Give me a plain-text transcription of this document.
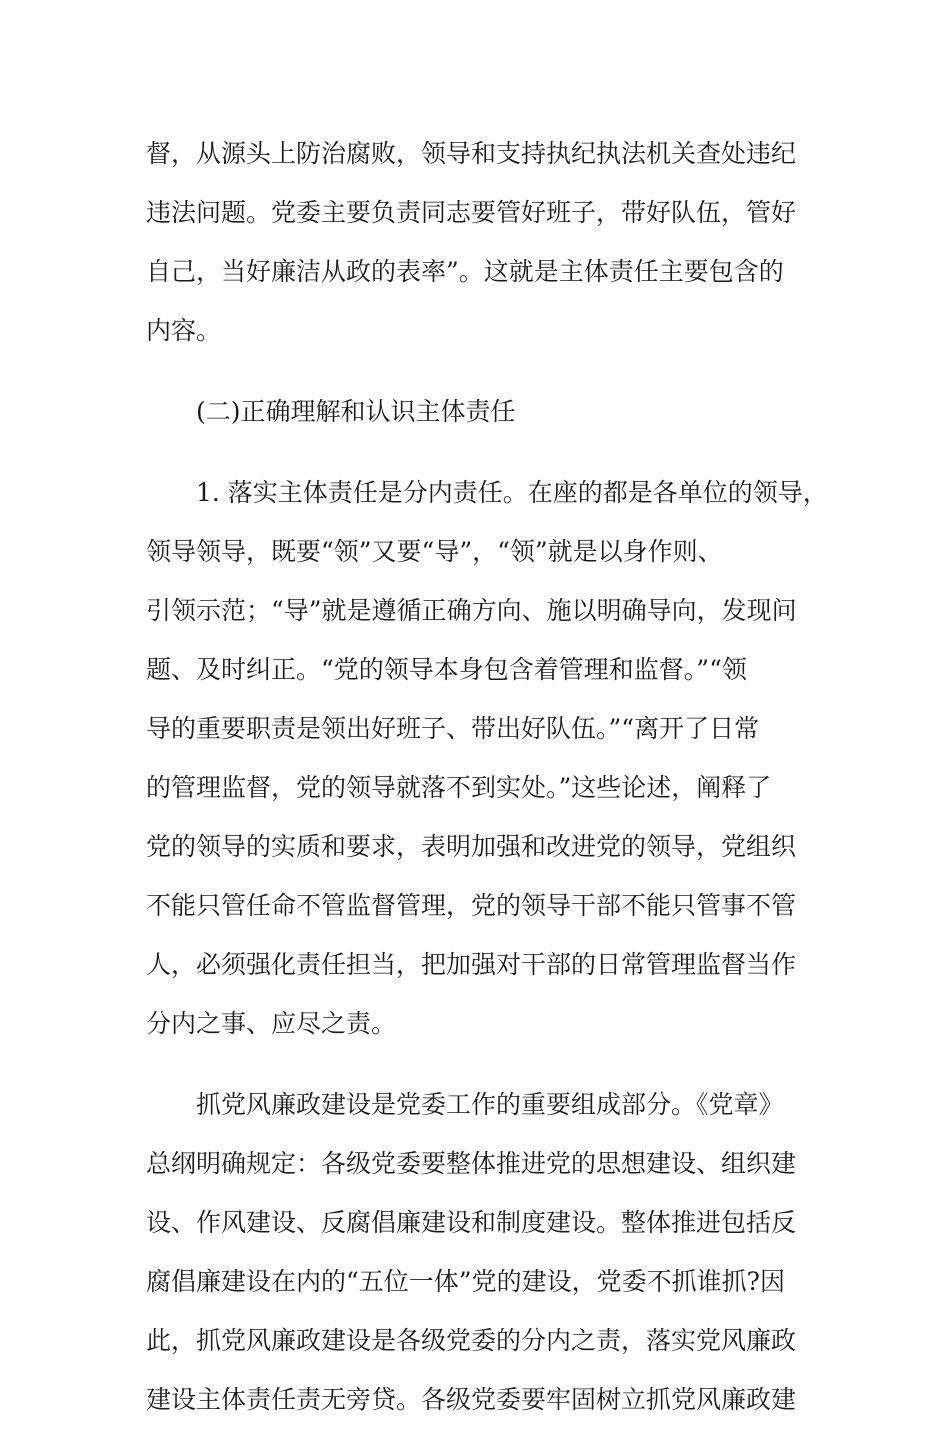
督，从源头上防治腐败，领导和支持执纪执法机关查处违纪
违法问题。党委主要负责同志要管好班子，带好队伍，管好
自己，当好廉洁从政的表率”。这就是主体责任主要包含的
内容。
(二)正确理解和认识主体责任
1. 落实主体责任是分内责任。在座的都是各单位的领导，
领导领导，既要“领”又要“导”，“领”就是以身作则、
引领示范；“导”就是遵循正确方向、施以明确导向，发现问
题、及时纠正。“党的领导本身包含着管理和监督。”“领
导的重要职责是领出好班子、带出好队伍。”“离开了日常
的管理监督，党的领导就落不到实处。”这些论述，阐释了
党的领导的实质和要求，表明加强和改进党的领导，党组织
不能只管任命不管监督管理，党的领导干部不能只管事不管
人，必须强化责任担当，把加强对干部的日常管理监督当作
分内之事、应尽之责。
抓党风廉政建设是党委工作的重要组成部分。《党章》
总纲明确规定：各级党委要整体推进党的思想建设、组织建
设、作风建设、反腐倡廉建设和制度建设。整体推进包括反
腐倡廉建设在内的“五位一体”党的建设，党委不抓谁抓?因
此，抓党风廉政建设是各级党委的分内之责，落实党风廉政
建设主体责任责无旁贷。各级党委要牢固树立抓党风廉政建
